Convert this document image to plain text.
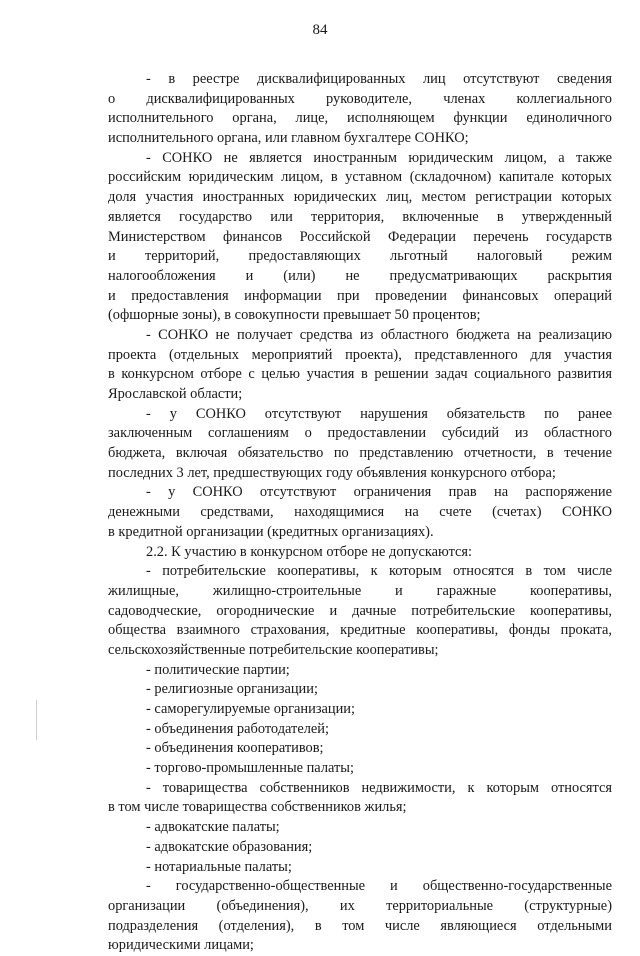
84
- в реестре дисквалифицированных лиц отсутствуют сведения
о дисквалифицированных руководителе, членах коллегиального
исполнительного органа, лице, исполняющем функции единоличного
исполнительного органа, или главном бухгалтере СОНКО;
- СОНКО не является иностранным юридическим лицом, а также
российским юридическим лицом, в уставном (складочном) капитале которых
доля участия иностранных юридических лиц, местом регистрации которых
является государство или территория, включенные в утвержденный
Министерством финансов Российской Федерации перечень государств
и территорий, предоставляющих льготный налоговый режим
налогообложения и (или) не предусматривающих раскрытия
и предоставления информации при проведении финансовых операций
(офшорные зоны), в совокупности превышает 50 процентов;
- СОНКО не получает средства из областного бюджета на реализацию
проекта (отдельных мероприятий проекта), представленного для участия
в конкурсном отборе с целью участия в решении задач социального развития
Ярославской области;
- у СОНКО отсутствуют нарушения обязательств по ранее
заключенным соглашениям о предоставлении субсидий из областного
бюджета, включая обязательство по представлению отчетности, в течение
последних 3 лет, предшествующих году объявления конкурсного отбора;
- у СОНКО отсутствуют ограничения прав на распоряжение
денежными средствами, находящимися на счете (счетах) СОНКО
в кредитной организации (кредитных организациях).
2.2. К участию в конкурсном отборе не допускаются:
- потребительские кооперативы, к которым относятся в том числе
жилищные, жилищно-строительные и гаражные кооперативы,
садоводческие, огороднические и дачные потребительские кооперативы,
общества взаимного страхования, кредитные кооперативы, фонды проката,
сельскохозяйственные потребительские кооперативы;
- политические партии;
- религиозные организации;
- саморегулируемые организации;
- объединения работодателей;
- объединения кооперативов;
- торгово-промышленные палаты;
- товарищества собственников недвижимости, к которым относятся
в том числе товарищества собственников жилья;
- адвокатские палаты;
- адвокатские образования;
- нотариальные палаты;
- государственно-общественные и общественно-государственные
организации (объединения), их территориальные (структурные)
подразделения (отделения), в том числе являющиеся отдельными
юридическими лицами;
